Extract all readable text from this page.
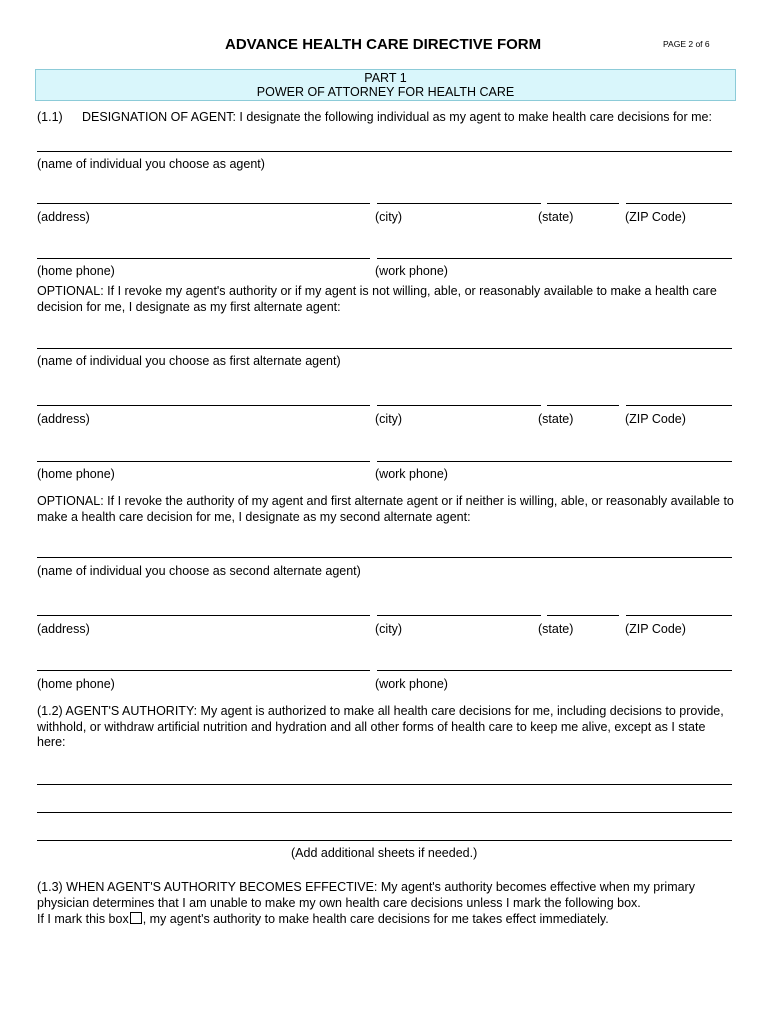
ADVANCE HEALTH CARE DIRECTIVE FORM	PAGE 2 of 6
PART 1
POWER OF ATTORNEY FOR HEALTH CARE
(1.1) DESIGNATION OF AGENT: I designate the following individual as my agent to make health care decisions for me:
(name of individual you choose as agent)
(address)	(city)	(state)	(ZIP Code)
(home phone)	(work phone)
OPTIONAL: If I revoke my agent's authority or if my agent is not willing, able, or reasonably available to make a health care decision for me, I designate as my first alternate agent:
(name of individual you choose as first alternate agent)
(address)	(city)	(state)	(ZIP Code)
(home phone)	(work phone)
OPTIONAL: If I revoke the authority of my agent and first alternate agent or if neither is willing, able, or reasonably available to make a health care decision for me, I designate as my second alternate agent:
(name of individual you choose as second alternate agent)
(address)	(city)	(state)	(ZIP Code)
(home phone)	(work phone)
(1.2) AGENT'S AUTHORITY: My agent is authorized to make all health care decisions for me, including decisions to provide, withhold, or withdraw artificial nutrition and hydration and all other forms of health care to keep me alive, except as I state here:
(Add additional sheets if needed.)
(1.3) WHEN AGENT'S AUTHORITY BECOMES EFFECTIVE: My agent's authority becomes effective when my primary physician determines that I am unable to make my own health care decisions unless I mark the following box.
If I mark this box , my agent's authority to make health care decisions for me takes effect immediately.
